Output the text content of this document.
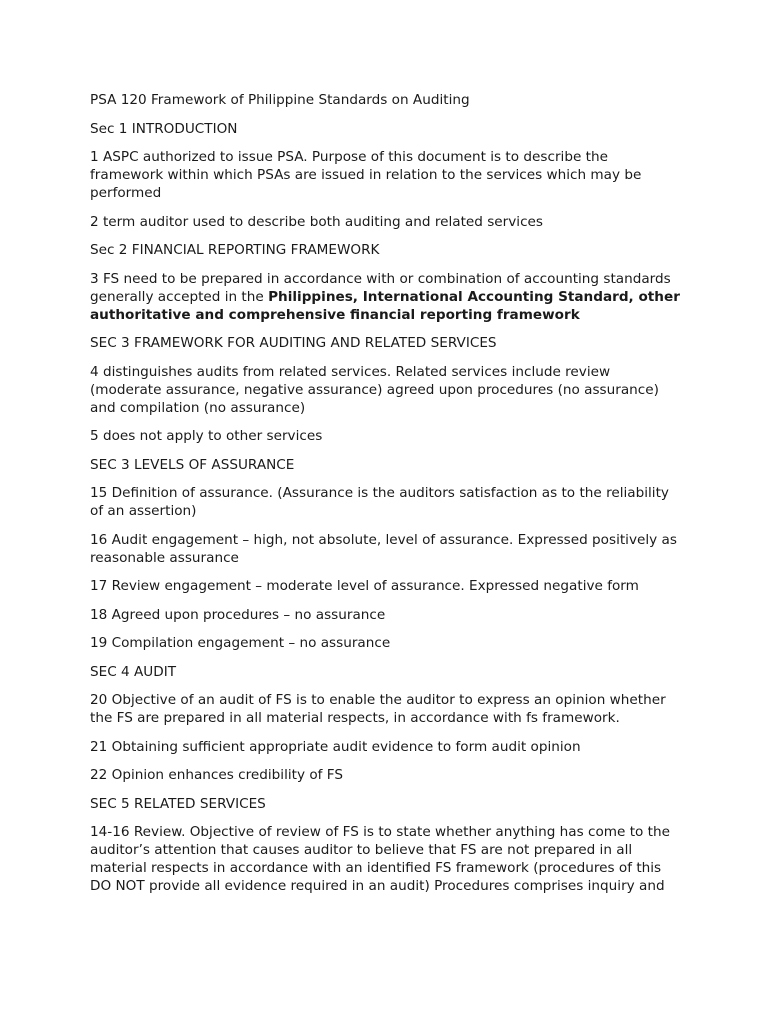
PSA 120 Framework of Philippine Standards on Auditing

Sec 1 INTRODUCTION

1 ASPC authorized to issue PSA. Purpose of this document is to describe the framework within which PSAs are issued in relation to the services which may be performed

2 term auditor used to describe both auditing and related services

Sec 2 FINANCIAL REPORTING FRAMEWORK

3 FS need to be prepared in accordance with or combination of accounting standards generally accepted in the Philippines, International Accounting Standard, other authoritative and comprehensive financial reporting framework

SEC 3 FRAMEWORK FOR AUDITING AND RELATED SERVICES

4 distinguishes audits from related services. Related services include review (moderate assurance, negative assurance) agreed upon procedures (no assurance) and compilation (no assurance)

5 does not apply to other services

SEC 3 LEVELS OF ASSURANCE

15 Definition of assurance. (Assurance is the auditors satisfaction as to the reliability of an assertion)

16 Audit engagement – high, not absolute, level of assurance. Expressed positively as reasonable assurance

17 Review engagement – moderate level of assurance. Expressed negative form

18 Agreed upon procedures – no assurance

19 Compilation engagement – no assurance

SEC 4 AUDIT

20 Objective of an audit of FS is to enable the auditor to express an opinion whether the FS are prepared in all material respects, in accordance with fs framework.

21 Obtaining sufficient appropriate audit evidence to form audit opinion

22 Opinion enhances credibility of FS

SEC 5 RELATED SERVICES

14-16 Review. Objective of review of FS is to state whether anything has come to the auditor’s attention that causes auditor to believe that FS are not prepared in all material respects in accordance with an identified FS framework (procedures of this DO NOT provide all evidence required in an audit) Procedures comprises inquiry and
